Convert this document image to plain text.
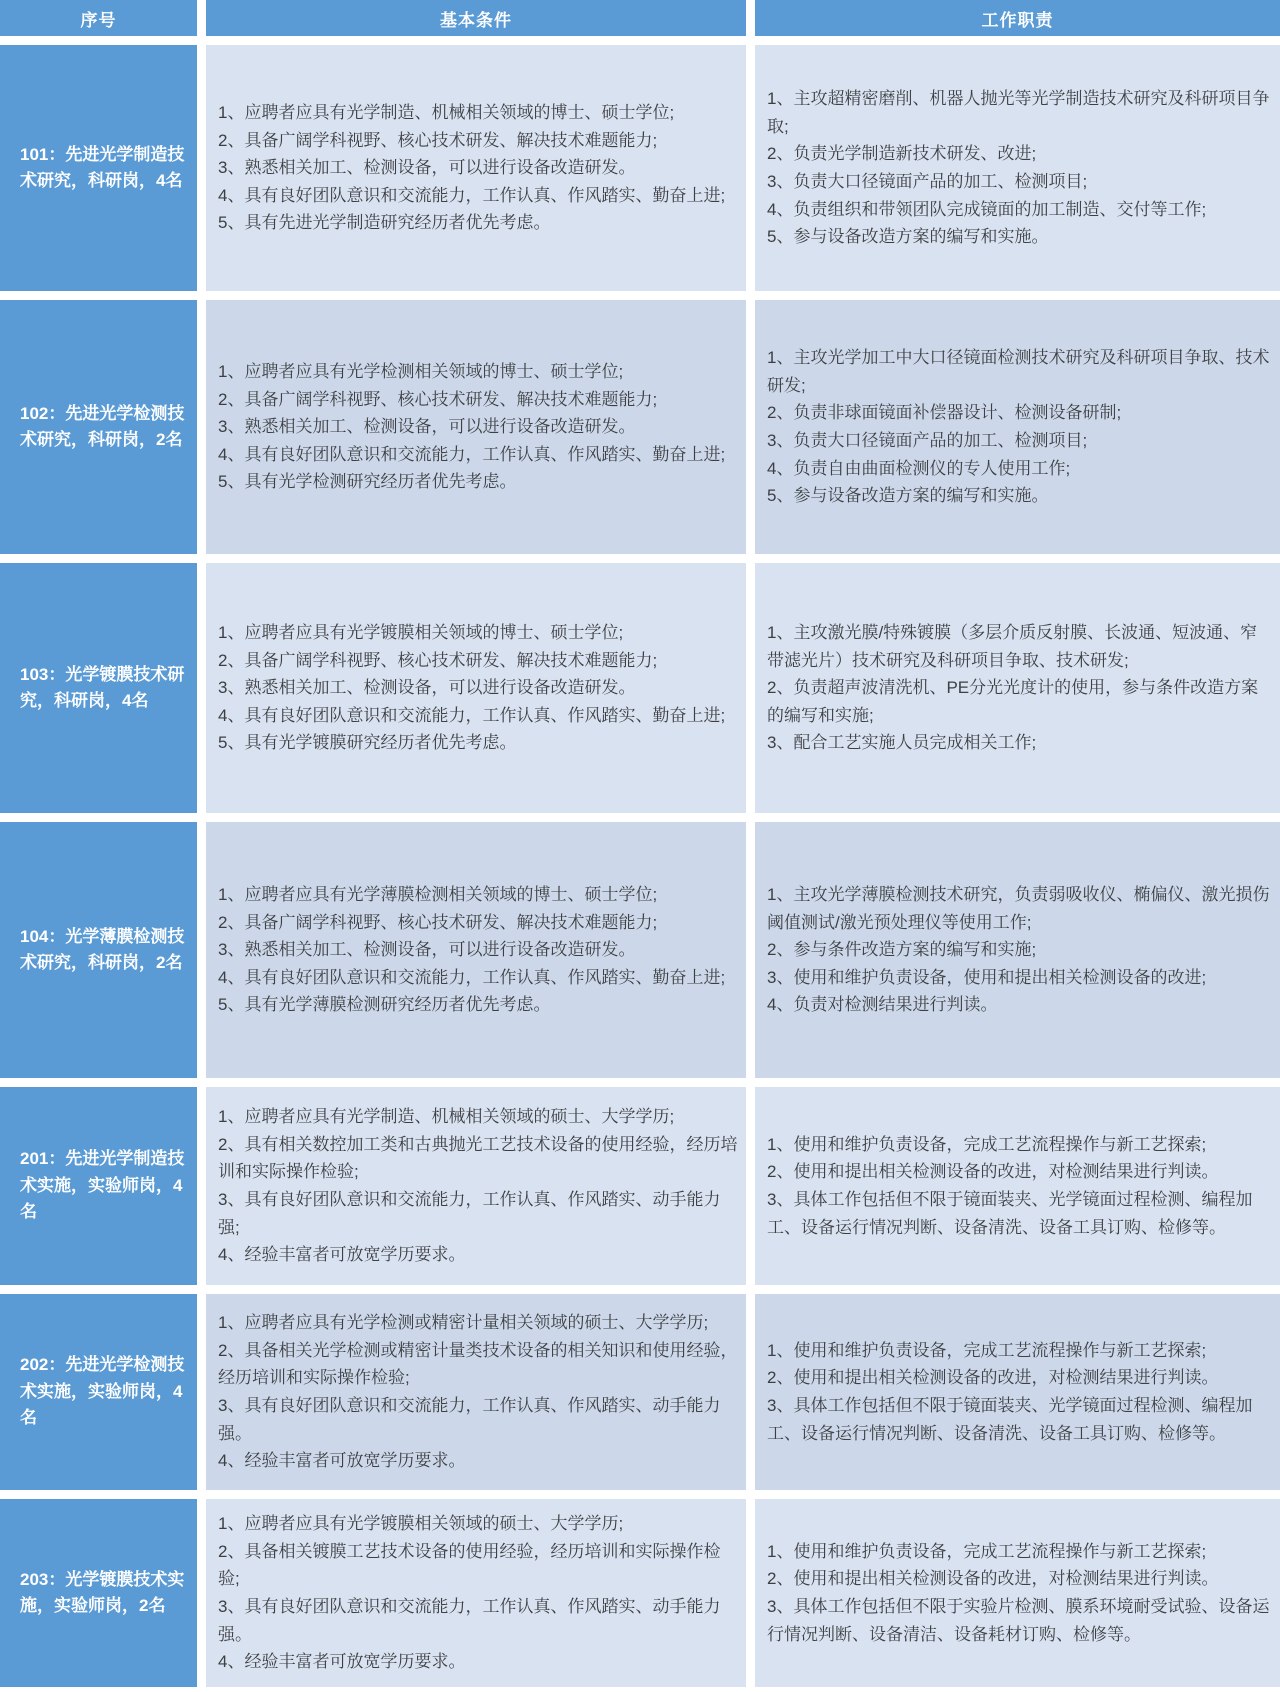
序号	基本条件	工作职责
101：先进光学制造技术研究，科研岗，4名
1、应聘者应具有光学制造、机械相关领域的博士、硕士学位;
2、具备广阔学科视野、核心技术研发、解决技术难题能力;
3、熟悉相关加工、检测设备，可以进行设备改造研发。
4、具有良好团队意识和交流能力，工作认真、作风踏实、勤奋上进;
5、具有先进光学制造研究经历者优先考虑。
1、主攻超精密磨削、机器人抛光等光学制造技术研究及科研项目争取;
2、负责光学制造新技术研发、改进;
3、负责大口径镜面产品的加工、检测项目;
4、负责组织和带领团队完成镜面的加工制造、交付等工作;
5、参与设备改造方案的编写和实施。
102：先进光学检测技术研究，科研岗，2名
1、应聘者应具有光学检测相关领域的博士、硕士学位;
2、具备广阔学科视野、核心技术研发、解决技术难题能力;
3、熟悉相关加工、检测设备，可以进行设备改造研发。
4、具有良好团队意识和交流能力，工作认真、作风踏实、勤奋上进;
5、具有光学检测研究经历者优先考虑。
1、主攻光学加工中大口径镜面检测技术研究及科研项目争取、技术研发;
2、负责非球面镜面补偿器设计、检测设备研制;
3、负责大口径镜面产品的加工、检测项目;
4、负责自由曲面检测仪的专人使用工作;
5、参与设备改造方案的编写和实施。
103：光学镀膜技术研究，科研岗，4名
1、应聘者应具有光学镀膜相关领域的博士、硕士学位;
2、具备广阔学科视野、核心技术研发、解决技术难题能力;
3、熟悉相关加工、检测设备，可以进行设备改造研发。
4、具有良好团队意识和交流能力，工作认真、作风踏实、勤奋上进;
5、具有光学镀膜研究经历者优先考虑。
1、主攻激光膜/特殊镀膜（多层介质反射膜、长波通、短波通、窄带滤光片）技术研究及科研项目争取、技术研发;
2、负责超声波清洗机、PE分光光度计的使用，参与条件改造方案的编写和实施;
3、配合工艺实施人员完成相关工作;
104：光学薄膜检测技术研究，科研岗，2名
1、应聘者应具有光学薄膜检测相关领域的博士、硕士学位;
2、具备广阔学科视野、核心技术研发、解决技术难题能力;
3、熟悉相关加工、检测设备，可以进行设备改造研发。
4、具有良好团队意识和交流能力，工作认真、作风踏实、勤奋上进;
5、具有光学薄膜检测研究经历者优先考虑。
1、主攻光学薄膜检测技术研究，负责弱吸收仪、椭偏仪、激光损伤阈值测试/激光预处理仪等使用工作;
2、参与条件改造方案的编写和实施;
3、使用和维护负责设备，使用和提出相关检测设备的改进;
4、负责对检测结果进行判读。
201：先进光学制造技术实施，实验师岗，4名
1、应聘者应具有光学制造、机械相关领域的硕士、大学学历;
2、具有相关数控加工类和古典抛光工艺技术设备的使用经验，经历培训和实际操作检验;
3、具有良好团队意识和交流能力，工作认真、作风踏实、动手能力强;
4、经验丰富者可放宽学历要求。
1、使用和维护负责设备，完成工艺流程操作与新工艺探索;
2、使用和提出相关检测设备的改进，对检测结果进行判读。
3、具体工作包括但不限于镜面装夹、光学镜面过程检测、编程加工、设备运行情况判断、设备清洗、设备工具订购、检修等。
202：先进光学检测技术实施，实验师岗，4名
1、应聘者应具有光学检测或精密计量相关领域的硕士、大学学历;
2、具备相关光学检测或精密计量类技术设备的相关知识和使用经验，经历培训和实际操作检验;
3、具有良好团队意识和交流能力，工作认真、作风踏实、动手能力强。
4、经验丰富者可放宽学历要求。
1、使用和维护负责设备，完成工艺流程操作与新工艺探索;
2、使用和提出相关检测设备的改进，对检测结果进行判读。
3、具体工作包括但不限于镜面装夹、光学镜面过程检测、编程加工、设备运行情况判断、设备清洗、设备工具订购、检修等。
203：光学镀膜技术实施，实验师岗，2名
1、应聘者应具有光学镀膜相关领域的硕士、大学学历;
2、具备相关镀膜工艺技术设备的使用经验，经历培训和实际操作检验;
3、具有良好团队意识和交流能力，工作认真、作风踏实、动手能力强。
4、经验丰富者可放宽学历要求。
1、使用和维护负责设备，完成工艺流程操作与新工艺探索;
2、使用和提出相关检测设备的改进，对检测结果进行判读。
3、具体工作包括但不限于实验片检测、膜系环境耐受试验、设备运行情况判断、设备清洁、设备耗材订购、检修等。
